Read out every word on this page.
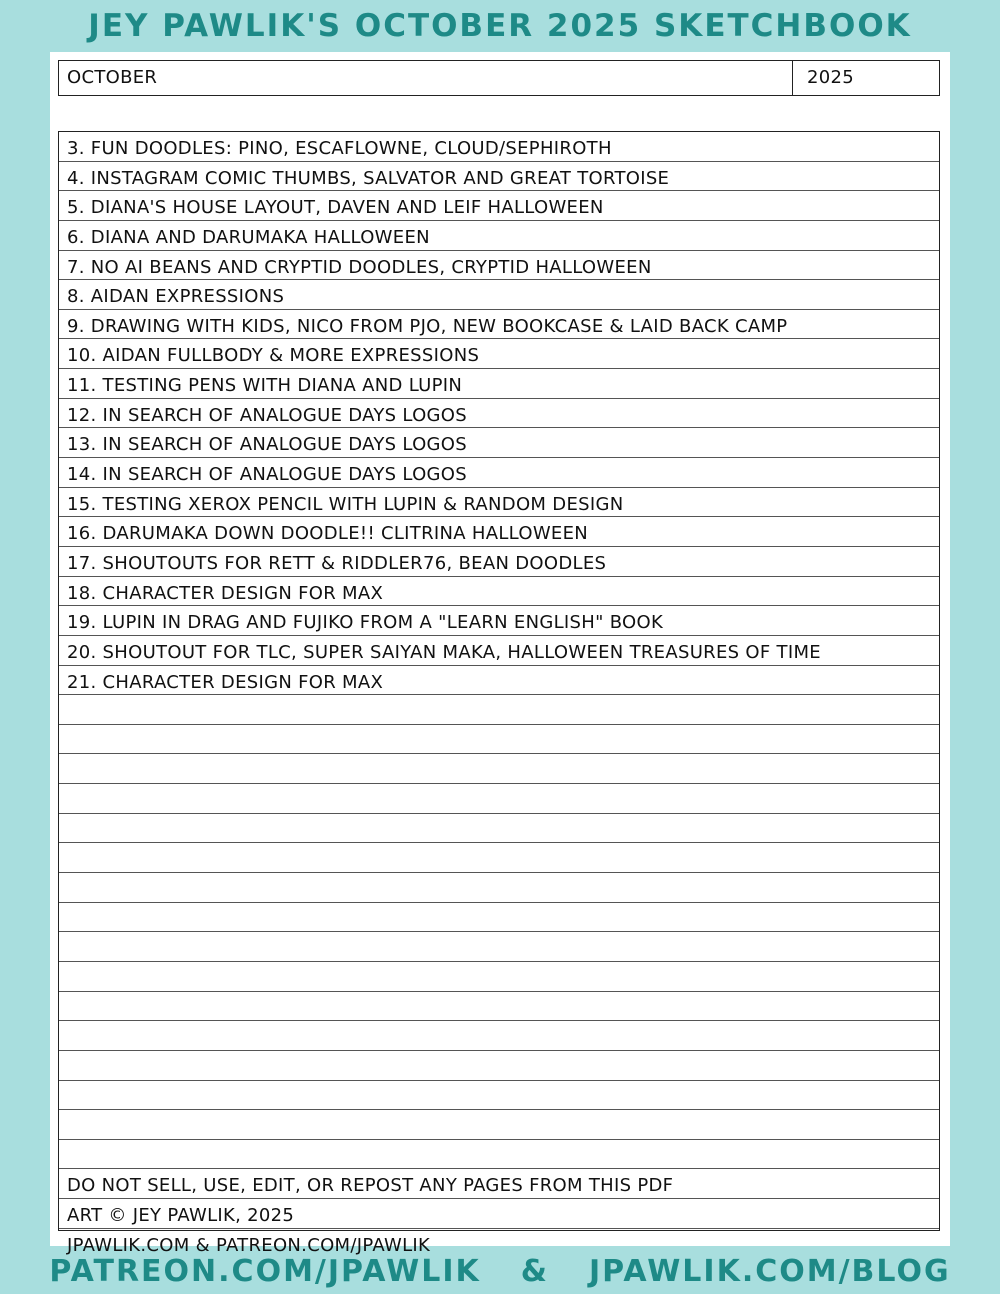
JEY PAWLIK'S OCTOBER 2025 SKETCHBOOK
OCTOBER	2025
3. FUN DOODLES: PINO, ESCAFLOWNE, CLOUD/SEPHIROTH
4. INSTAGRAM COMIC THUMBS, SALVATOR AND GREAT TORTOISE
5. DIANA'S HOUSE LAYOUT, DAVEN AND LEIF HALLOWEEN
6. DIANA AND DARUMAKA HALLOWEEN
7. NO AI BEANS AND CRYPTID DOODLES, CRYPTID HALLOWEEN
8. AIDAN EXPRESSIONS
9. DRAWING WITH KIDS, NICO FROM PJO, NEW BOOKCASE & LAID BACK CAMP
10. AIDAN FULLBODY & MORE EXPRESSIONS
11. TESTING PENS WITH DIANA AND LUPIN
12. IN SEARCH OF ANALOGUE DAYS LOGOS
13. IN SEARCH OF ANALOGUE DAYS LOGOS
14. IN SEARCH OF ANALOGUE DAYS LOGOS
15. TESTING XEROX PENCIL WITH LUPIN & RANDOM DESIGN
16. DARUMAKA DOWN DOODLE!! CLITRINA HALLOWEEN
17. SHOUTOUTS FOR RETT & RIDDLER76, BEAN DOODLES
18. CHARACTER DESIGN FOR MAX
19. LUPIN IN DRAG AND FUJIKO FROM A "LEARN ENGLISH" BOOK
20. SHOUTOUT FOR TLC, SUPER SAIYAN MAKA, HALLOWEEN TREASURES OF TIME
21. CHARACTER DESIGN FOR MAX
DO NOT SELL, USE, EDIT, OR REPOST ANY PAGES FROM THIS PDF
ART © JEY PAWLIK, 2025
JPAWLIK.COM & PATREON.COM/JPAWLIK
PATREON.COM/JPAWLIK & JPAWLIK.COM/BLOG
